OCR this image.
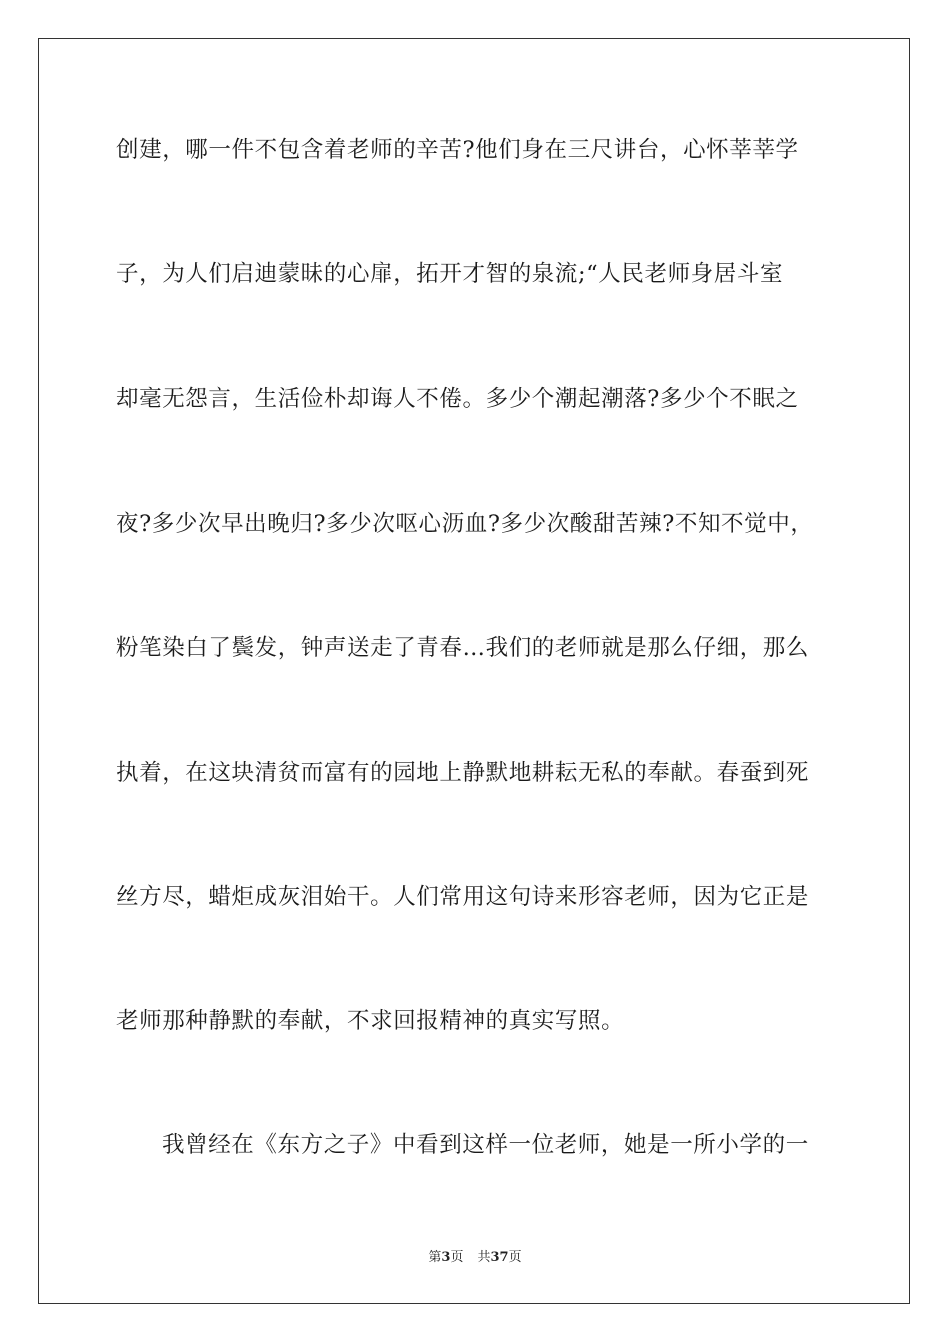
创建，哪一件不包含着老师的辛苦?他们身在三尺讲台，心怀莘莘学
子，为人们启迪蒙昧的心扉，拓开才智的泉流;“人民老师身居斗室
却毫无怨言，生活俭朴却诲人不倦。多少个潮起潮落?多少个不眠之
夜?多少次早出晚归?多少次呕心沥血?多少次酸甜苦辣?不知不觉中，
粉笔染白了鬓发，钟声送走了青春…我们的老师就是那么仔细，那么
执着，在这块清贫而富有的园地上静默地耕耘无私的奉献。春蚕到死
丝方尽，蜡炬成灰泪始干。人们常用这句诗来形容老师，因为它正是
老师那种静默的奉献，不求回报精神的真实写照。
我曾经在《东方之子》中看到这样一位老师，她是一所小学的一
第3页 共37页
